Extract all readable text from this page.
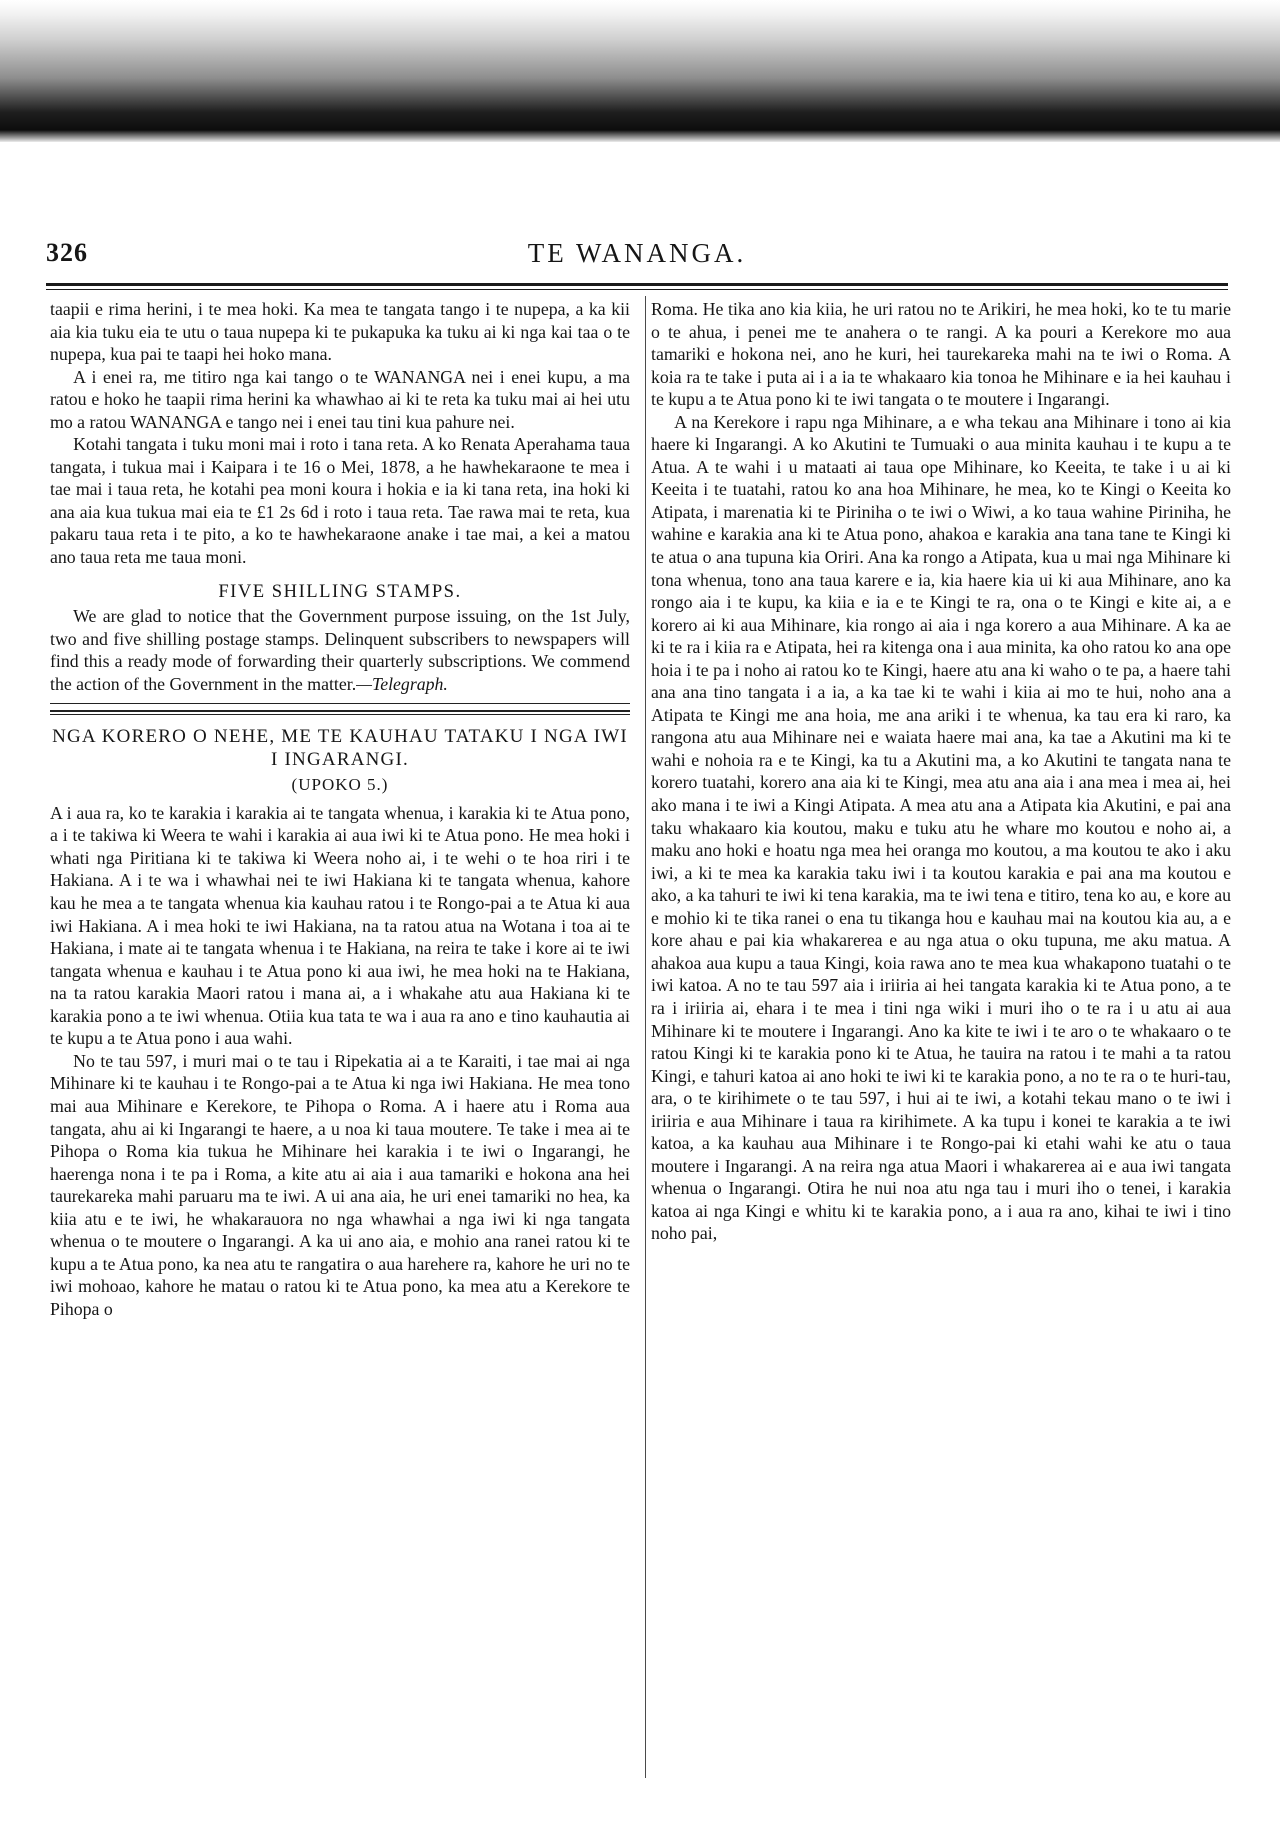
326	TE WANANGA.

taapii e rima herini, i te mea hoki. Ka mea te tangata tango i te nupepa, a ka kii aia kia tuku eia te utu o taua nupepa ki te pukapuka ka tuku ai ki nga kai taa o te nupepa, kua pai te taapi hei hoko mana.

A i enei ra, me titiro nga kai tango o te WANANGA nei i enei kupu, a ma ratou e hoko he taapii rima herini ka whawhao ai ki te reta ka tuku mai ai hei utu mo a ratou WANANGA e tango nei i enei tau tini kua pahure nei.

Kotahi tangata i tuku moni mai i roto i tana reta. A ko Renata Aperahama taua tangata, i tukua mai i Kaipara i te 16 o Mei, 1878, a he hawhekaraone te mea i tae mai i taua reta, he kotahi pea moni koura i hokia e ia ki tana reta, ina hoki ki ana aia kua tukua mai eia te £1 2s 6d i roto i taua reta. Tae rawa mai te reta, kua pakaru taua reta i te pito, a ko te hawhekaraone anake i tae mai, a kei a matou ano taua reta me taua moni.

FIVE SHILLING STAMPS.

We are glad to notice that the Government purpose issuing, on the 1st July, two and five shilling postage stamps. Delinquent subscribers to newspapers will find this a ready mode of forwarding their quarterly subscriptions. We commend the action of the Government in the matter.—Telegraph.

NGA KORERO O NEHE, ME TE KAUHAU TATAKU I NGA IWI I INGARANGI.
(UPOKO 5.)

A i aua ra, ko te karakia i karakia ai te tangata whenua, i karakia ki te Atua pono, a i te takiwa ki Weera te wahi i karakia ai aua iwi ki te Atua pono. He mea hoki i whati nga Piritiana ki te takiwa ki Weera noho ai, i te wehi o te hoa riri i te Hakiana. A i te wa i whawhai nei te iwi Hakiana ki te tangata whenua, kahore kau he mea a te tangata whenua kia kauhau ratou i te Rongo-pai a te Atua ki aua iwi Hakiana. A i mea hoki te iwi Hakiana, na ta ratou atua na Wotana i toa ai te Hakiana, i mate ai te tangata whenua i te Hakiana, na reira te take i kore ai te iwi tangata whenua e kauhau i te Atua pono ki aua iwi, he mea hoki na te Hakiana, na ta ratou karakia Maori ratou i mana ai, a i whakahe atu aua Hakiana ki te karakia pono a te iwi whenua. Otiia kua tata te wa i aua ra ano e tino kauhautia ai te kupu a te Atua pono i aua wahi.

No te tau 597, i muri mai o te tau i Ripekatia ai a te Karaiti, i tae mai ai nga Mihinare ki te kauhau i te Rongo-pai a te Atua ki nga iwi Hakiana. He mea tono mai aua Mihinare e Kerekore, te Pihopa o Roma. A i haere atu i Roma aua tangata, ahu ai ki Ingarangi te haere, a u noa ki taua moutere. Te take i mea ai te Pihopa o Roma kia tukua he Mihinare hei karakia i te iwi o Ingarangi, he haerenga nona i te pa i Roma, a kite atu ai aia i aua tamariki e hokona ana hei taurekareka mahi paruaru ma te iwi. A ui ana aia, he uri enei tamariki no hea, ka kiia atu e te iwi, he whakarauora no nga whawhai a nga iwi ki nga tangata whenua o te moutere o Ingarangi. A ka ui ano aia, e mohio ana ranei ratou ki te kupu a te Atua pono, ka nea atu te rangatira o aua harehere ra, kahore he uri no te iwi mohoao, kahore he matau o ratou ki te Atua pono, ka mea atu a Kerekore te Pihopa o

Roma. He tika ano kia kiia, he uri ratou no te Arikiri, he mea hoki, ko te tu marie o te ahua, i penei me te anahera o te rangi. A ka pouri a Kerekore mo aua tamariki e hokona nei, ano he kuri, hei taurekareka mahi na te iwi o Roma. A koia ra te take i puta ai i a ia te whakaaro kia tonoa he Mihinare e ia hei kauhau i te kupu a te Atua pono ki te iwi tangata o te moutere i Ingarangi.

A na Kerekore i rapu nga Mihinare, a e wha tekau ana Mihinare i tono ai kia haere ki Ingarangi. A ko Akutini te Tumuaki o aua minita kauhau i te kupu a te Atua. A te wahi i u mataati ai taua ope Mihinare, ko Keeita, te take i u ai ki Keeita i te tuatahi, ratou ko ana hoa Mihinare, he mea, ko te Kingi o Keeita ko Atipata, i marenatia ki te Piriniha o te iwi o Wiwi, a ko taua wahine Piriniha, he wahine e karakia ana ki te Atua pono, ahakoa e karakia ana tana tane te Kingi ki te atua o ana tupuna kia Oriri. Ana ka rongo a Atipata, kua u mai nga Mihinare ki tona whenua, tono ana taua karere e ia, kia haere kia ui ki aua Mihinare, ano ka rongo aia i te kupu, ka kiia e ia e te Kingi te ra, ona o te Kingi e kite ai, a e korero ai ki aua Mihinare, kia rongo ai aia i nga korero a aua Mihinare. A ka ae ki te ra i kiia ra e Atipata, hei ra kitenga ona i aua minita, ka oho ratou ko ana ope hoia i te pa i noho ai ratou ko te Kingi, haere atu ana ki waho o te pa, a haere tahi ana ana tino tangata i a ia, a ka tae ki te wahi i kiia ai mo te hui, noho ana a Atipata te Kingi me ana hoia, me ana ariki i te whenua, ka tau era ki raro, ka rangona atu aua Mihinare nei e waiata haere mai ana, ka tae a Akutini ma ki te wahi e nohoia ra e te Kingi, ka tu a Akutini ma, a ko Akutini te tangata nana te korero tuatahi, korero ana aia ki te Kingi, mea atu ana aia i ana mea i mea ai, hei ako mana i te iwi a Kingi Atipata. A mea atu ana a Atipata kia Akutini, e pai ana taku whakaaro kia koutou, maku e tuku atu he whare mo koutou e noho ai, a maku ano hoki e hoatu nga mea hei oranga mo koutou, a ma koutou te ako i aku iwi, a ki te mea ka karakia taku iwi i ta koutou karakia e pai ana ma koutou e ako, a ka tahuri te iwi ki tena karakia, ma te iwi tena e titiro, tena ko au, e kore au e mohio ki te tika ranei o ena tu tikanga hou e kauhau mai na koutou kia au, a e kore ahau e pai kia whakarerea e au nga atua o oku tupuna, me aku matua. A ahakoa aua kupu a taua Kingi, koia rawa ano te mea kua whakapono tuatahi o te iwi katoa. A no te tau 597 aia i iriiria ai hei tangata karakia ki te Atua pono, a te ra i iriiria ai, ehara i te mea i tini nga wiki i muri iho o te ra i u atu ai aua Mihinare ki te moutere i Ingarangi. Ano ka kite te iwi i te aro o te whakaaro o te ratou Kingi ki te karakia pono ki te Atua, he tauira na ratou i te mahi a ta ratou Kingi, e tahuri katoa ai ano hoki te iwi ki te karakia pono, a no te ra o te huri-tau, ara, o te kirihimete o te tau 597, i hui ai te iwi, a kotahi tekau mano o te iwi i iriiria e aua Mihinare i taua ra kirihimete. A ka tupu i konei te karakia a te iwi katoa, a ka kauhau aua Mihinare i te Rongo-pai ki etahi wahi ke atu o taua moutere i Ingarangi. A na reira nga atua Maori i whakarerea ai e aua iwi tangata whenua o Ingarangi. Otira he nui noa atu nga tau i muri iho o tenei, i karakia katoa ai nga Kingi e whitu ki te karakia pono, a i aua ra ano, kihai te iwi i tino noho pai,
